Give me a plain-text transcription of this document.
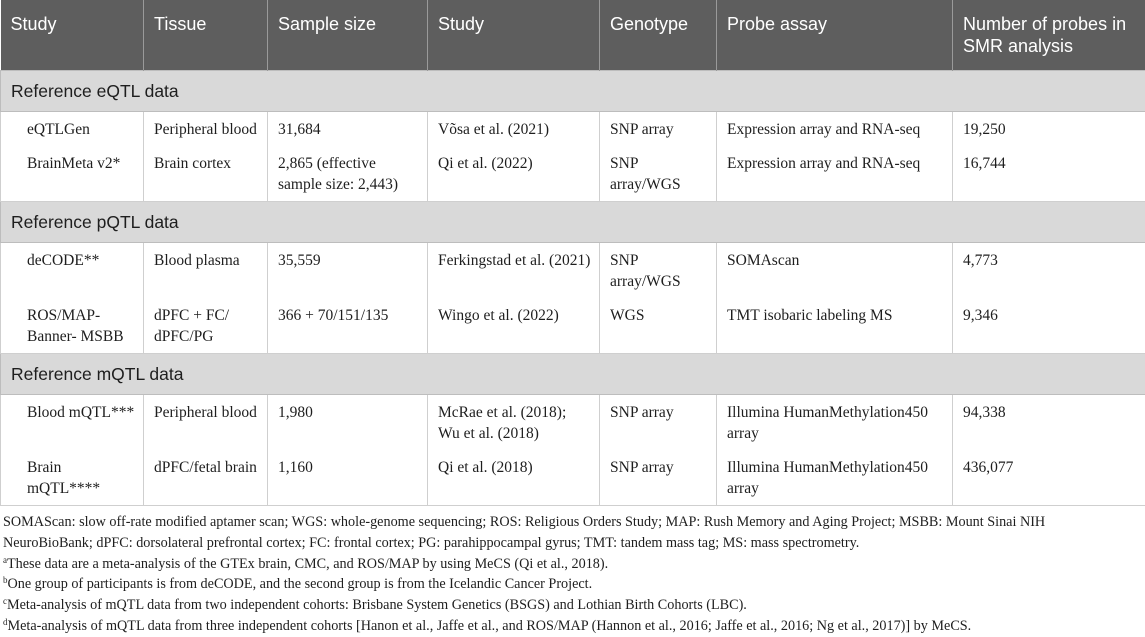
Study	Tissue	Sample size	Study	Genotype	Probe assay	Number of probes in SMR analysis
Reference eQTL data						
eQTLGen	Peripheral blood	31,684	Võsa et al. (2021)	SNP array	Expression array and RNA-seq	19,250
BrainMeta v2*	Brain cortex	2,865 (effective sample size: 2,443)	Qi et al. (2022)	SNP array/WGS	Expression array and RNA-seq	16,744
Reference pQTL data						
deCODE**	Blood plasma	35,559	Ferkingstad et al. (2021)	SNP array/WGS	SOMAscan	4,773
ROS/MAP-Banner- MSBB	dPFC + FC/ dPFC/PG	366 + 70/151/135	Wingo et al. (2022)	WGS	TMT isobaric labeling MS	9,346
Reference mQTL data						
Blood mQTL***	Peripheral blood	1,980	McRae et al. (2018); Wu et al. (2018)	SNP array	Illumina HumanMethylation450 array	94,338
Brain mQTL****	dPFC/fetal brain	1,160	Qi et al. (2018)	SNP array	Illumina HumanMethylation450 array	436,077

SOMAScan: slow off-rate modified aptamer scan; WGS: whole-genome sequencing; ROS: Religious Orders Study; MAP: Rush Memory and Aging Project; MSBB: Mount Sinai NIH NeuroBioBank; dPFC: dorsolateral prefrontal cortex; FC: frontal cortex; PG: parahippocampal gyrus; TMT: tandem mass tag; MS: mass spectrometry.

$^a$These data are a meta-analysis of the GTEx brain, CMC, and ROS/MAP by using MeCS (Qi et al., 2018).

$^b$One group of participants is from deCODE, and the second group is from the Icelandic Cancer Project.

$^c$Meta-analysis of mQTL data from two independent cohorts: Brisbane System Genetics (BSGS) and Lothian Birth Cohorts (LBC).

$^d$Meta-analysis of mQTL data from three independent cohorts [Hanon et al., Jaffe et al., and ROS/MAP (Hannon et al., 2016; Jaffe et al., 2016; Ng et al., 2017)] by MeCS.
